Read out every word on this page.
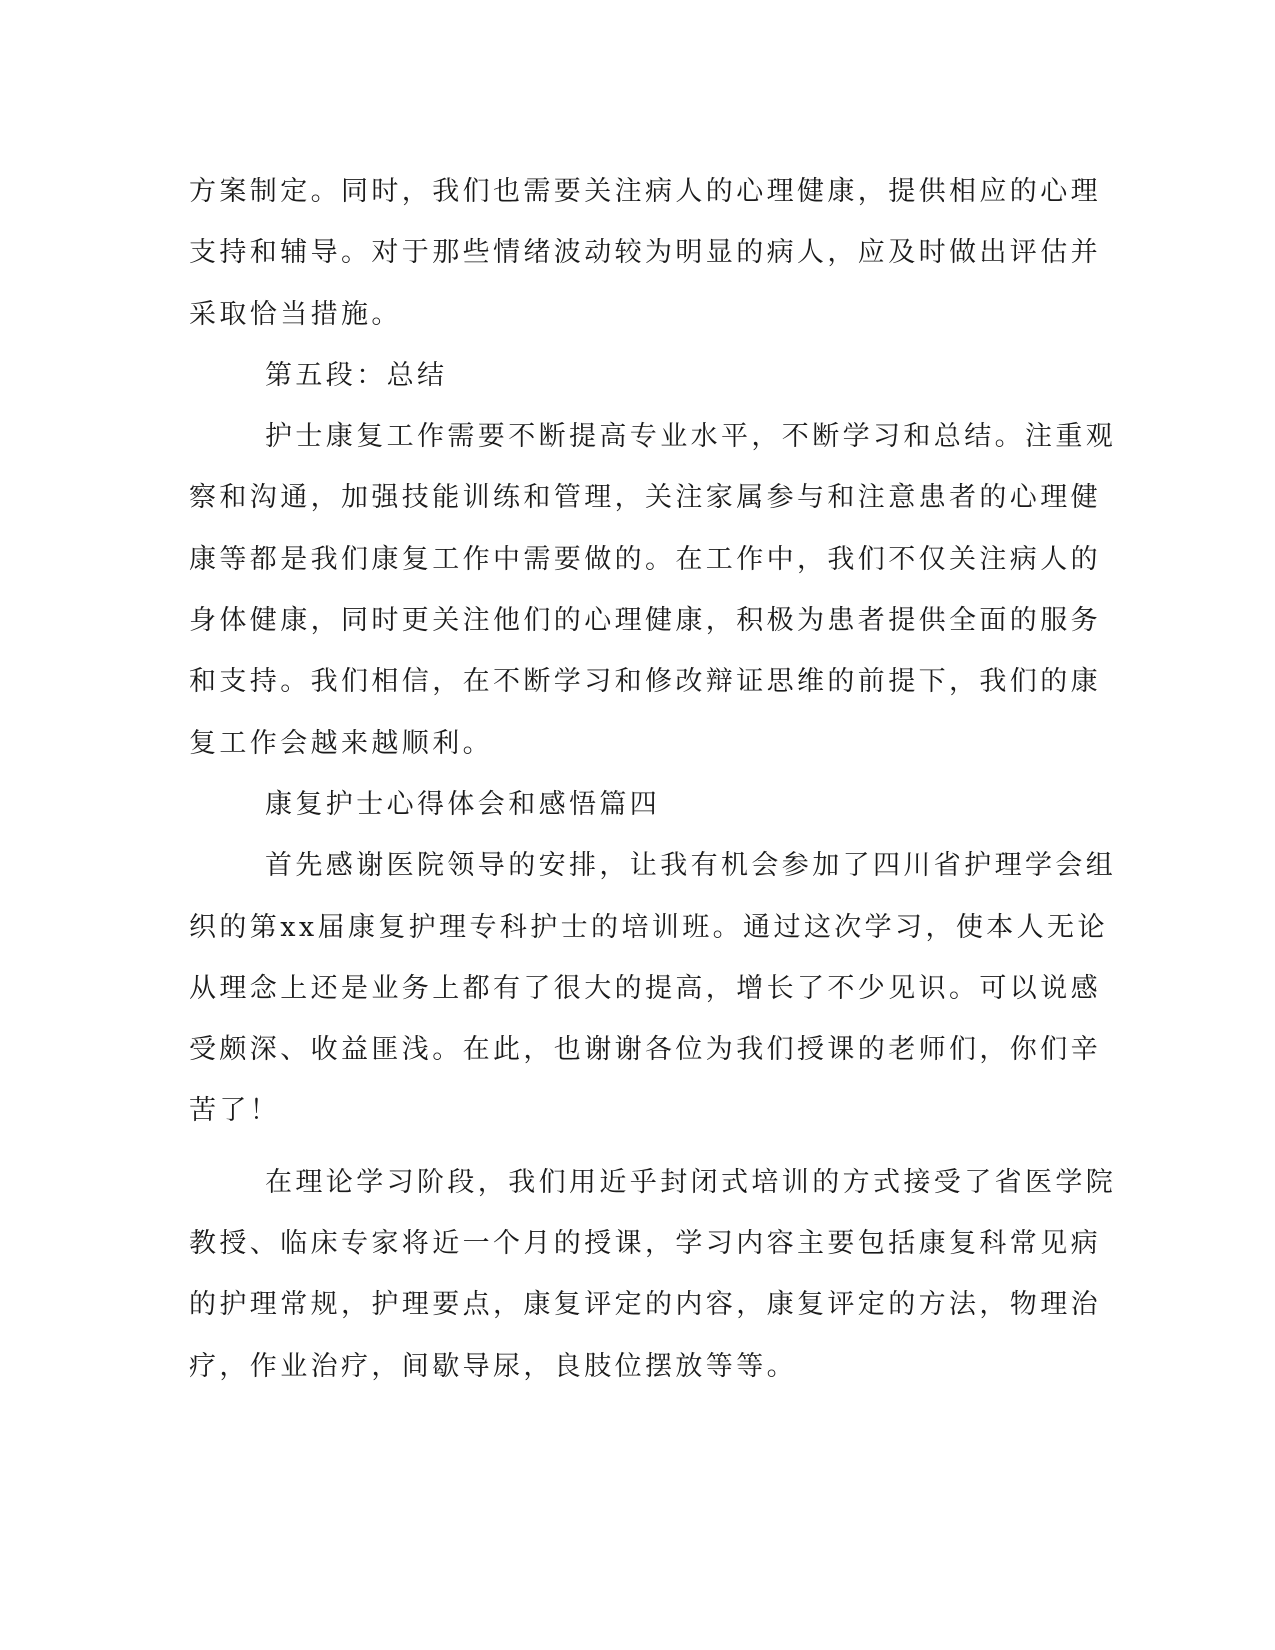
方案制定。同时，我们也需要关注病人的心理健康，提供相应的心理
支持和辅导。对于那些情绪波动较为明显的病人，应及时做出评估并
采取恰当措施。
第五段：总结
护士康复工作需要不断提高专业水平，不断学习和总结。注重观
察和沟通，加强技能训练和管理，关注家属参与和注意患者的心理健
康等都是我们康复工作中需要做的。在工作中，我们不仅关注病人的
身体健康，同时更关注他们的心理健康，积极为患者提供全面的服务
和支持。我们相信，在不断学习和修改辩证思维的前提下，我们的康
复工作会越来越顺利。
康复护士心得体会和感悟篇四
首先感谢医院领导的安排，让我有机会参加了四川省护理学会组
织的第xx届康复护理专科护士的培训班。通过这次学习，使本人无论
从理念上还是业务上都有了很大的提高，增长了不少见识。可以说感
受颇深、收益匪浅。在此，也谢谢各位为我们授课的老师们，你们辛
苦了！
在理论学习阶段，我们用近乎封闭式培训的方式接受了省医学院
教授、临床专家将近一个月的授课，学习内容主要包括康复科常见病
的护理常规，护理要点，康复评定的内容，康复评定的方法，物理治
疗，作业治疗，间歇导尿，良肢位摆放等等。
